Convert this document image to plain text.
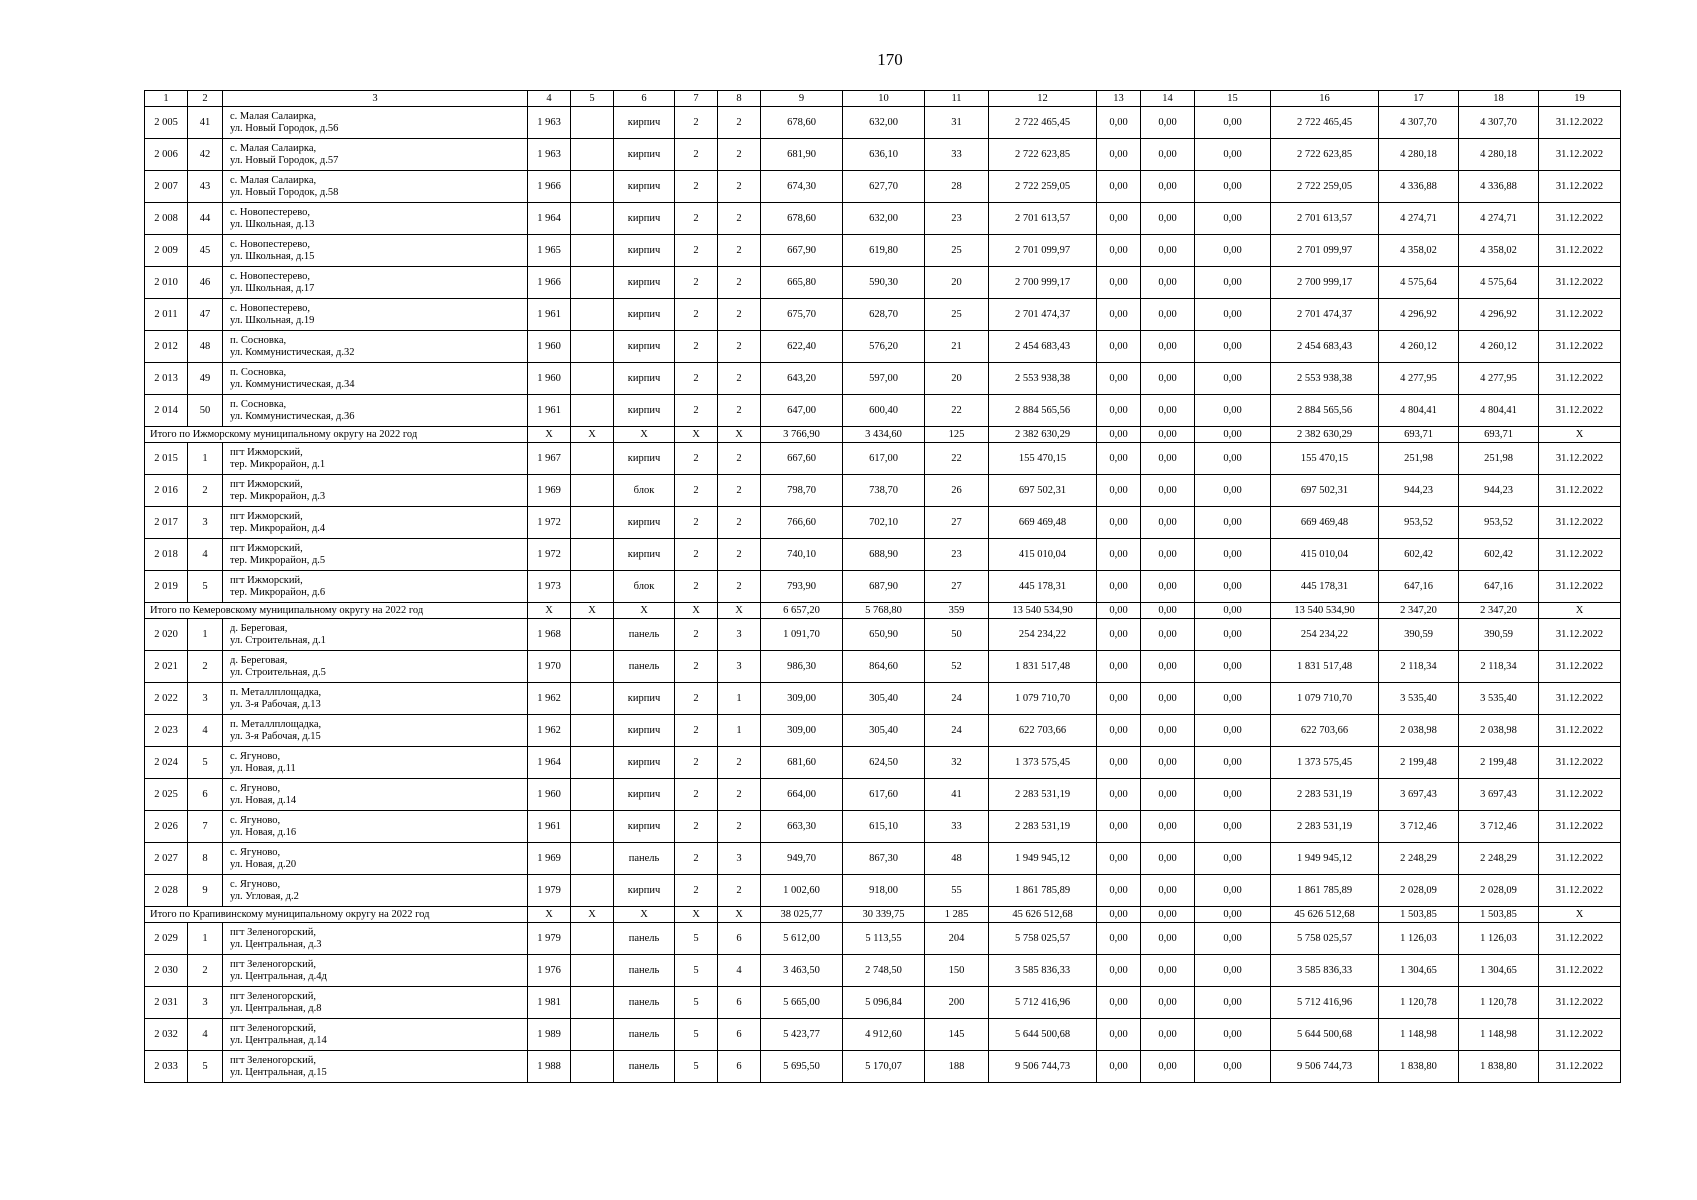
170
1	2	3	4	5	6	7	8	9	10	11	12	13	14	15	16	17	18	19
2 005	41	с. Малая Салаирка,
ул. Новый Городок, д.56	1 963		кирпич	2	2	678,60	632,00	31	2 722 465,45	0,00	0,00	0,00	2 722 465,45	4 307,70	4 307,70	31.12.2022
2 006	42	с. Малая Салаирка,
ул. Новый Городок, д.57	1 963		кирпич	2	2	681,90	636,10	33	2 722 623,85	0,00	0,00	0,00	2 722 623,85	4 280,18	4 280,18	31.12.2022
2 007	43	с. Малая Салаирка,
ул. Новый Городок, д.58	1 966		кирпич	2	2	674,30	627,70	28	2 722 259,05	0,00	0,00	0,00	2 722 259,05	4 336,88	4 336,88	31.12.2022
2 008	44	с. Новопестерево,
ул. Школьная, д.13	1 964		кирпич	2	2	678,60	632,00	23	2 701 613,57	0,00	0,00	0,00	2 701 613,57	4 274,71	4 274,71	31.12.2022
2 009	45	с. Новопестерево,
ул. Школьная, д.15	1 965		кирпич	2	2	667,90	619,80	25	2 701 099,97	0,00	0,00	0,00	2 701 099,97	4 358,02	4 358,02	31.12.2022
2 010	46	с. Новопестерево,
ул. Школьная, д.17	1 966		кирпич	2	2	665,80	590,30	20	2 700 999,17	0,00	0,00	0,00	2 700 999,17	4 575,64	4 575,64	31.12.2022
2 011	47	с. Новопестерево,
ул. Школьная, д.19	1 961		кирпич	2	2	675,70	628,70	25	2 701 474,37	0,00	0,00	0,00	2 701 474,37	4 296,92	4 296,92	31.12.2022
2 012	48	п. Сосновка,
ул. Коммунистическая, д.32	1 960		кирпич	2	2	622,40	576,20	21	2 454 683,43	0,00	0,00	0,00	2 454 683,43	4 260,12	4 260,12	31.12.2022
2 013	49	п. Сосновка,
ул. Коммунистическая, д.34	1 960		кирпич	2	2	643,20	597,00	20	2 553 938,38	0,00	0,00	0,00	2 553 938,38	4 277,95	4 277,95	31.12.2022
2 014	50	п. Сосновка,
ул. Коммунистическая, д.36	1 961		кирпич	2	2	647,00	600,40	22	2 884 565,56	0,00	0,00	0,00	2 884 565,56	4 804,41	4 804,41	31.12.2022
Итого по Ижморскому муниципальному округу на 2022 год			X	X	X	X	X	3 766,90	3 434,60	125	2 382 630,29	0,00	0,00	0,00	2 382 630,29	693,71	693,71	X
2 015	1	пгт Ижморский,
тер. Микрорайон, д.1	1 967		кирпич	2	2	667,60	617,00	22	155 470,15	0,00	0,00	0,00	155 470,15	251,98	251,98	31.12.2022
2 016	2	пгт Ижморский,
тер. Микрорайон, д.3	1 969		блок	2	2	798,70	738,70	26	697 502,31	0,00	0,00	0,00	697 502,31	944,23	944,23	31.12.2022
2 017	3	пгт Ижморский,
тер. Микрорайон, д.4	1 972		кирпич	2	2	766,60	702,10	27	669 469,48	0,00	0,00	0,00	669 469,48	953,52	953,52	31.12.2022
2 018	4	пгт Ижморский,
тер. Микрорайон, д.5	1 972		кирпич	2	2	740,10	688,90	23	415 010,04	0,00	0,00	0,00	415 010,04	602,42	602,42	31.12.2022
2 019	5	пгт Ижморский,
тер. Микрорайон, д.6	1 973		блок	2	2	793,90	687,90	27	445 178,31	0,00	0,00	0,00	445 178,31	647,16	647,16	31.12.2022
Итого по Кемеровскому муниципальному округу на 2022 год			X	X	X	X	X	6 657,20	5 768,80	359	13 540 534,90	0,00	0,00	0,00	13 540 534,90	2 347,20	2 347,20	X
2 020	1	д. Береговая,
ул. Строительная, д.1	1 968		панель	2	3	1 091,70	650,90	50	254 234,22	0,00	0,00	0,00	254 234,22	390,59	390,59	31.12.2022
2 021	2	д. Береговая,
ул. Строительная, д.5	1 970		панель	2	3	986,30	864,60	52	1 831 517,48	0,00	0,00	0,00	1 831 517,48	2 118,34	2 118,34	31.12.2022
2 022	3	п. Металлплощадка,
ул. 3-я Рабочая, д.13	1 962		кирпич	2	1	309,00	305,40	24	1 079 710,70	0,00	0,00	0,00	1 079 710,70	3 535,40	3 535,40	31.12.2022
2 023	4	п. Металлплощадка,
ул. 3-я Рабочая, д.15	1 962		кирпич	2	1	309,00	305,40	24	622 703,66	0,00	0,00	0,00	622 703,66	2 038,98	2 038,98	31.12.2022
2 024	5	с. Ягуново,
ул. Новая, д.11	1 964		кирпич	2	2	681,60	624,50	32	1 373 575,45	0,00	0,00	0,00	1 373 575,45	2 199,48	2 199,48	31.12.2022
2 025	6	с. Ягуново,
ул. Новая, д.14	1 960		кирпич	2	2	664,00	617,60	41	2 283 531,19	0,00	0,00	0,00	2 283 531,19	3 697,43	3 697,43	31.12.2022
2 026	7	с. Ягуново,
ул. Новая, д.16	1 961		кирпич	2	2	663,30	615,10	33	2 283 531,19	0,00	0,00	0,00	2 283 531,19	3 712,46	3 712,46	31.12.2022
2 027	8	с. Ягуново,
ул. Новая, д.20	1 969		панель	2	3	949,70	867,30	48	1 949 945,12	0,00	0,00	0,00	1 949 945,12	2 248,29	2 248,29	31.12.2022
2 028	9	с. Ягуново,
ул. Угловая, д.2	1 979		кирпич	2	2	1 002,60	918,00	55	1 861 785,89	0,00	0,00	0,00	1 861 785,89	2 028,09	2 028,09	31.12.2022
Итого по Крапивинскому муниципальному округу на 2022 год			X	X	X	X	X	38 025,77	30 339,75	1 285	45 626 512,68	0,00	0,00	0,00	45 626 512,68	1 503,85	1 503,85	X
2 029	1	пгт Зеленогорский,
ул. Центральная, д.3	1 979		панель	5	6	5 612,00	5 113,55	204	5 758 025,57	0,00	0,00	0,00	5 758 025,57	1 126,03	1 126,03	31.12.2022
2 030	2	пгт Зеленогорский,
ул. Центральная, д.4д	1 976		панель	5	4	3 463,50	2 748,50	150	3 585 836,33	0,00	0,00	0,00	3 585 836,33	1 304,65	1 304,65	31.12.2022
2 031	3	пгт Зеленогорский,
ул. Центральная, д.8	1 981		панель	5	6	5 665,00	5 096,84	200	5 712 416,96	0,00	0,00	0,00	5 712 416,96	1 120,78	1 120,78	31.12.2022
2 032	4	пгт Зеленогорский,
ул. Центральная, д.14	1 989		панель	5	6	5 423,77	4 912,60	145	5 644 500,68	0,00	0,00	0,00	5 644 500,68	1 148,98	1 148,98	31.12.2022
2 033	5	пгт Зеленогорский,
ул. Центральная, д.15	1 988		панель	5	6	5 695,50	5 170,07	188	9 506 744,73	0,00	0,00	0,00	9 506 744,73	1 838,80	1 838,80	31.12.2022
